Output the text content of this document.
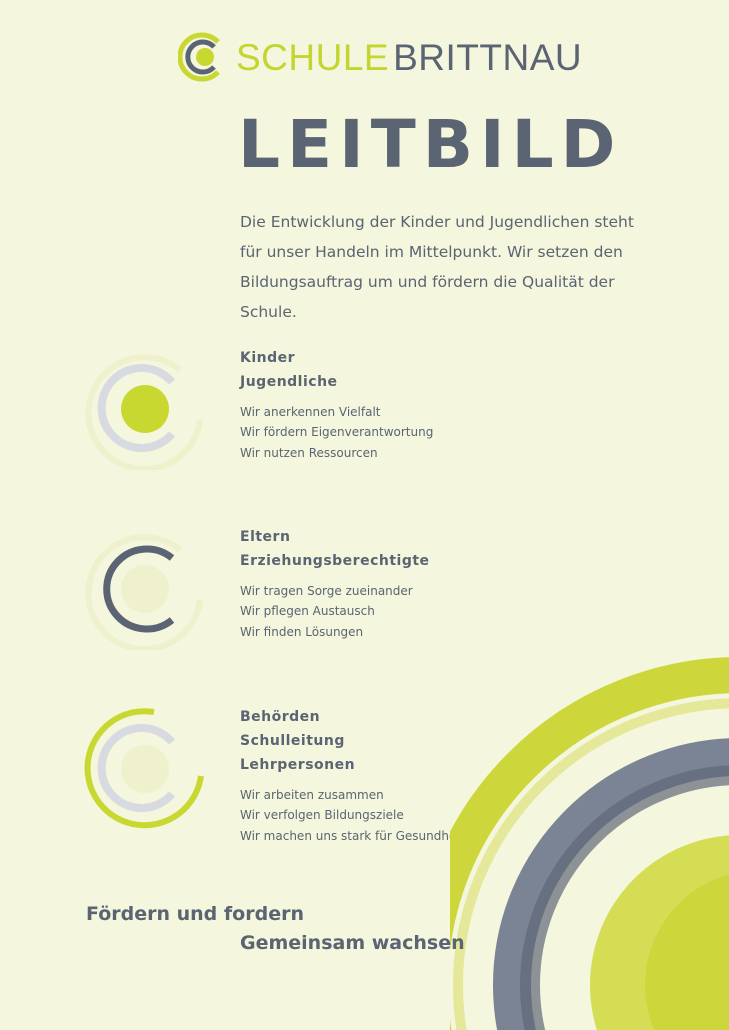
SCHULE BRITTNAU
LEITBILD
Die Entwicklung der Kinder und Jugendlichen steht für unser Handeln im Mittelpunkt. Wir setzen den Bildungsauftrag um und fördern die Qualität der Schule.
Kinder
Jugendliche
Wir anerkennen Vielfalt
Wir fördern Eigenverantwortung
Wir nutzen Ressourcen
Eltern
Erziehungsberechtigte
Wir tragen Sorge zueinander
Wir pflegen Austausch
Wir finden Lösungen
Behörden
Schulleitung
Lehrpersonen
Wir arbeiten zusammen
Wir verfolgen Bildungsziele
Wir machen uns stark für Gesundheit
Fördern und fordern
Gemeinsam wachsen
